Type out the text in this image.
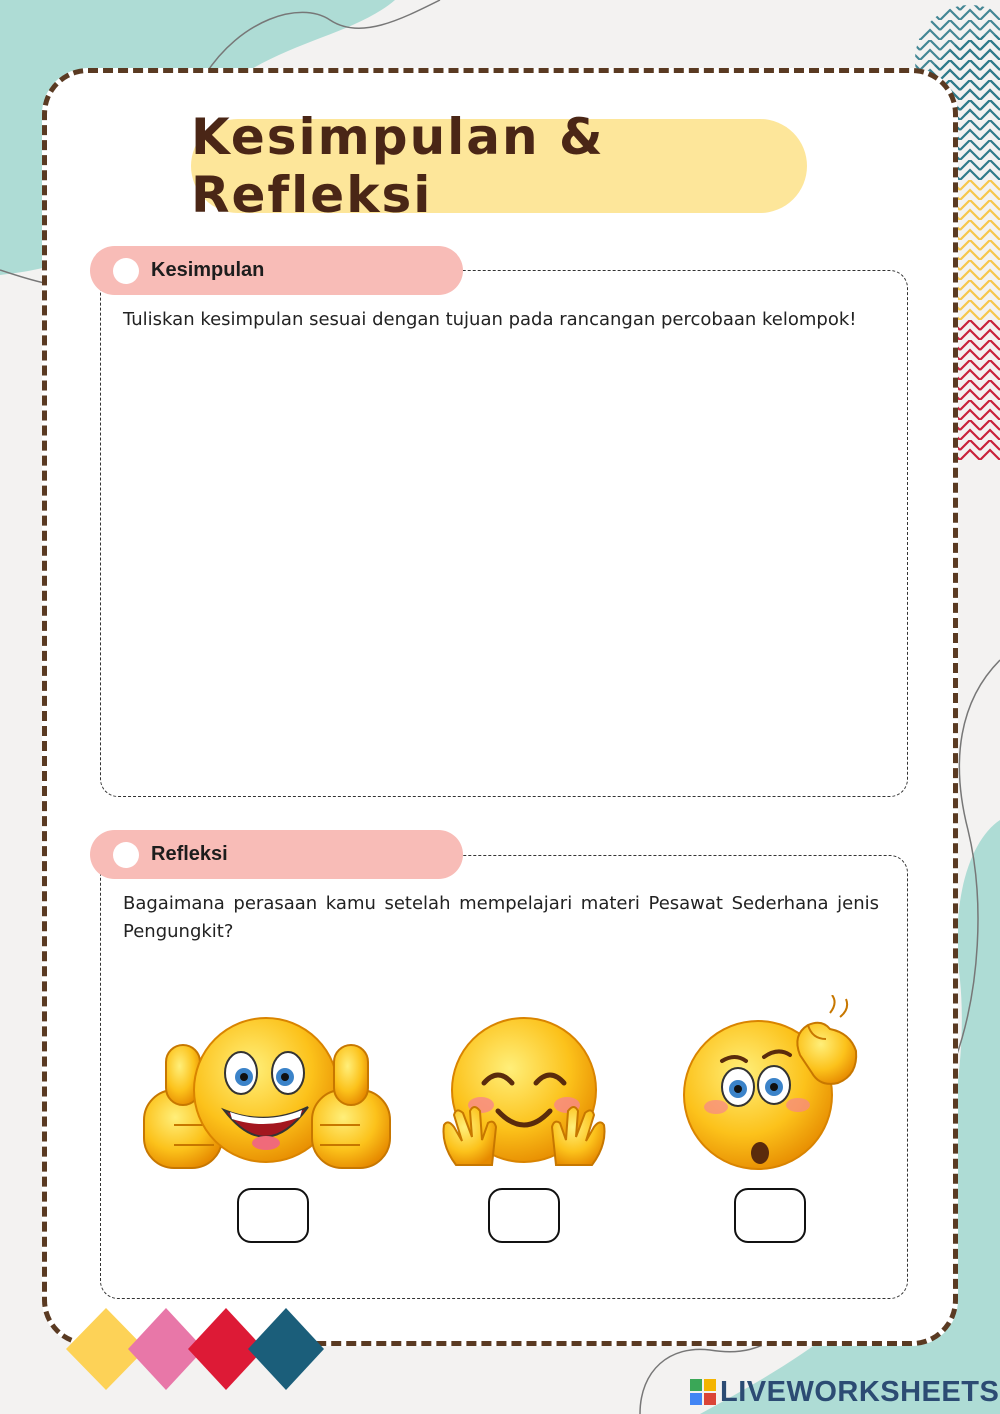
Kesimpulan & Refleksi
Kesimpulan
Tuliskan kesimpulan sesuai dengan tujuan pada rancangan percobaan kelompok!
Refleksi
Bagaimana perasaan kamu setelah mempelajari materi Pesawat Sederhana jenis Pengungkit?
LIVEWORKSHEETS
